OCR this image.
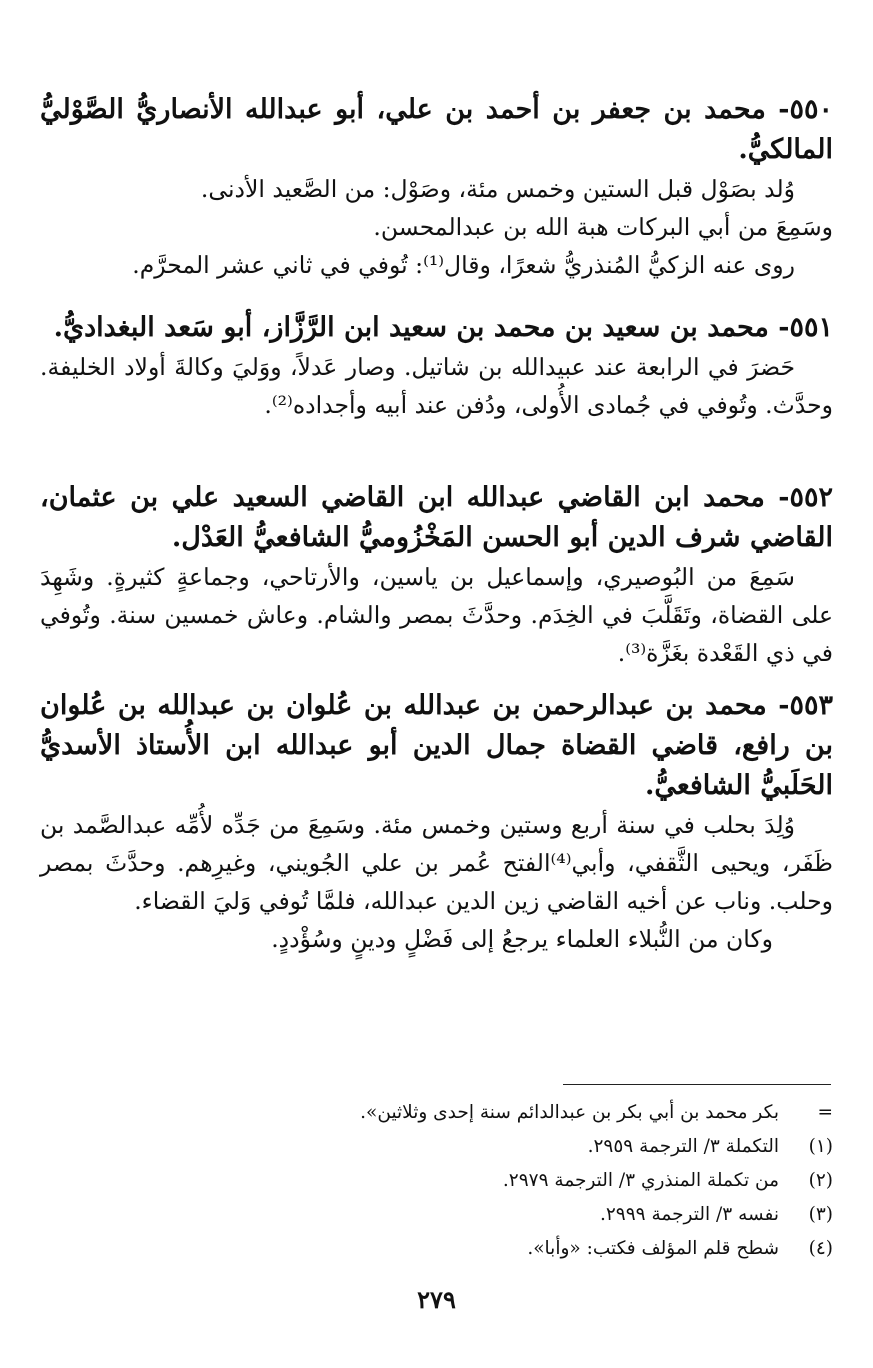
٥٥٠- محمد بن جعفر بن أحمد بن علي، أبو عبدالله الأنصاريُّ الصَّوْليُّ المالكيُّ.
وُلد بصَوْل قبل الستين وخمس مئة، وصَوْل: من الصَّعيد الأدنى.
وسَمِعَ من أبي البركات هبة الله بن عبدالمحسن.
روى عنه الزكيُّ المُنذريُّ شعرًا، وقال⁽¹⁾: تُوفي في ثاني عشر المحرَّم.
٥٥١- محمد بن سعيد بن محمد بن سعيد ابن الرَّزَّاز، أبو سَعد البغداديُّ.
حَضرَ في الرابعة عند عبيدالله بن شاتيل. وصار عَدلاً، ووَليَ وكالةَ أولاد الخليفة. وحدَّث. وتُوفي في جُمادى الأُولى، ودُفن عند أبيه وأجداده⁽²⁾.
٥٥٢- محمد ابن القاضي عبدالله ابن القاضي السعيد علي بن عثمان، القاضي شرف الدين أبو الحسن المَخْزُوميُّ الشافعيُّ العَدْل.
سَمِعَ من البُوصيري، وإسماعيل بن ياسين، والأرتاحي، وجماعةٍ كثيرةٍ. وشَهِدَ على القضاة، وتَقَلَّبَ في الخِدَم. وحدَّثَ بمصر والشام. وعاش خمسين سنة. وتُوفي في ذي القَعْدة بغَزَّة⁽³⁾.
٥٥٣- محمد بن عبدالرحمن بن عبدالله بن عُلوان بن عبدالله بن عُلوان بن رافع، قاضي القضاة جمال الدين أبو عبدالله ابن الأُستاذ الأسديُّ الحَلَبيُّ الشافعيُّ.
وُلِدَ بحلب في سنة أربع وستين وخمس مئة. وسَمِعَ من جَدِّه لأُمِّه عبدالصَّمد بن ظَفَر، ويحيى الثَّقفي، وأبي⁽⁴⁾الفتح عُمر بن علي الجُويني، وغيرِهم. وحدَّثَ بمصر وحلب. وناب عن أخيه القاضي زين الدين عبدالله، فلمَّا تُوفي وَليَ القضاء.
وكان من النُّبلاء العلماء يرجعُ إلى فَضْلٍ ودينٍ وسُؤْددٍ.
=
بكر محمد بن أبي بكر بن عبدالدائم سنة إحدى وثلاثين».
(١)
التكملة ٣/ الترجمة ٢٩٥٩.
(٢)
من تكملة المنذري ٣/ الترجمة ٢٩٧٩.
(٣)
نفسه ٣/ الترجمة ٢٩٩٩.
(٤)
شطح قلم المؤلف فكتب: «وأبا».
٢٧٩
